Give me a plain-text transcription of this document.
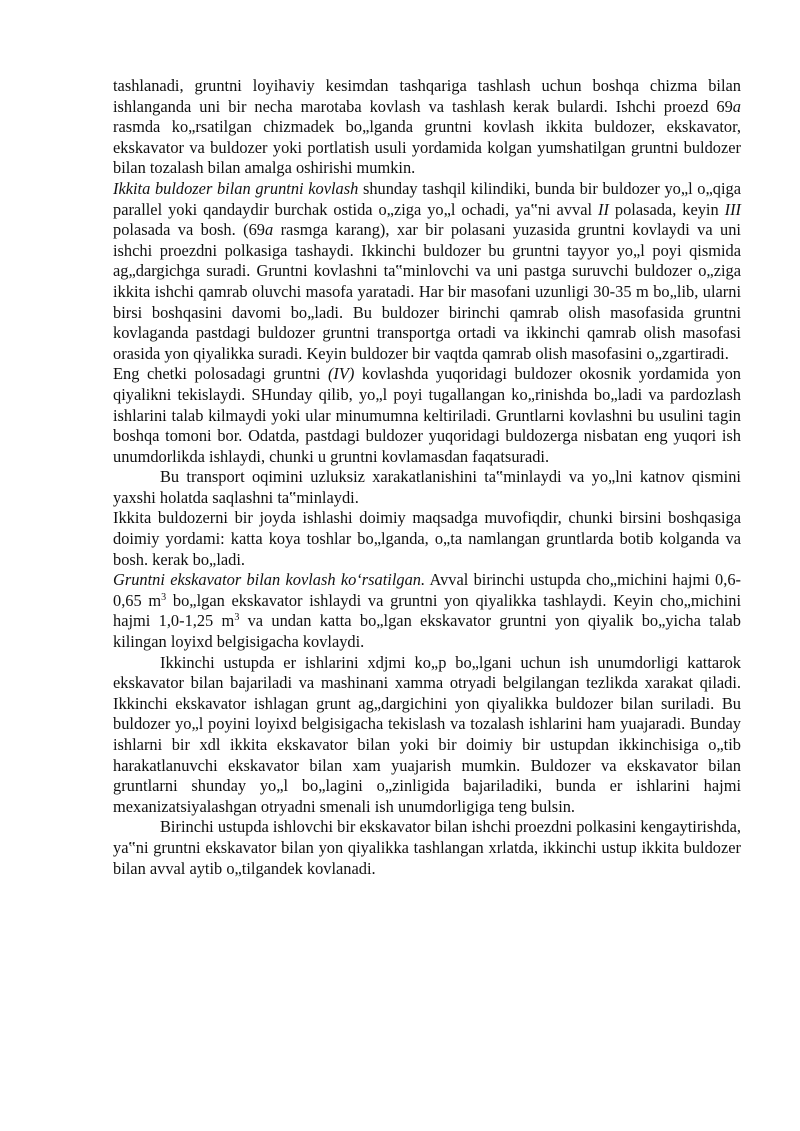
tashlanadi, gruntni loyihaviy kesimdan tashqariga tashlash uchun boshqa chizma bilan ishlanganda uni bir necha marotaba kovlash va tashlash kerak bulardi. Ishchi proezd 69a rasmda ko„rsatilgan chizmadek bo„lganda gruntni kovlash ikkita buldozer, ekskavator, ekskavator va buldozer yoki portlatish usuli yordamida kolgan yumshatilgan gruntni buldozer bilan tozalash bilan amalga oshirishi mumkin.

Ikkita buldozer bilan gruntni kovlash shunday tashqil kilindiki, bunda bir buldozer yo„l o„qiga parallel yoki qandaydir burchak ostida o„ziga yo„l ochadi, ya‟ni avval II polasada, keyin III polasada va bosh. (69a rasmga karang), xar bir polasani yuzasida gruntni kovlaydi va uni ishchi proezdni polkasiga tashaydi. Ikkinchi buldozer bu gruntni tayyor yo„l poyi qismida ag„dargichga suradi. Gruntni kovlashni ta‟minlovchi va uni pastga suruvchi buldozer o„ziga ikkita ishchi qamrab oluvchi masofa yaratadi. Har bir masofani uzunligi 30-35 m bo„lib, ularni birsi boshqasini davomi bo„ladi. Bu buldozer birinchi qamrab olish masofasida gruntni kovlaganda pastdagi buldozer gruntni transportga ortadi va ikkinchi qamrab olish masofasi orasida yon qiyalikka suradi. Keyin buldozer bir vaqtda qamrab olish masofasini o„zgartiradi.

Eng chetki polosadagi gruntni (IV) kovlashda yuqoridagi buldozer okosnik yordamida yon qiyalikni tekislaydi. SHunday qilib, yo„l poyi tugallangan ko„rinishda bo„ladi va pardozlash ishlarini talab kilmaydi yoki ular minumumna keltiriladi. Gruntlarni kovlashni bu usulini tagin boshqa tomoni bor. Odatda, pastdagi buldozer yuqoridagi buldozerga nisbatan eng yuqori ish unumdorlikda ishlaydi, chunki u gruntni kovlamasdan faqatsuradi.

Bu transport oqimini uzluksiz xarakatlanishini ta‟minlaydi va yo„lni katnov qismini yaxshi holatda saqlashni ta‟minlaydi.

Ikkita buldozerni bir joyda ishlashi doimiy maqsadga muvofiqdir, chunki birsini boshqasiga doimiy yordami: katta koya toshlar bo„lganda, o„ta namlangan gruntlarda botib kolganda va bosh. kerak bo„ladi.

Gruntni ekskavator bilan kovlash ko‘rsatilgan. Avval birinchi ustupda cho„michini hajmi 0,6-0,65 $m^3$ bo„lgan ekskavator ishlaydi va gruntni yon qiyalikka tashlaydi. Keyin cho„michini hajmi 1,0-1,25 $m^3$ va undan katta bo„lgan ekskavator gruntni yon qiyalik bo„yicha talab kilingan loyixd belgisigacha kovlaydi.

Ikkinchi ustupda er ishlarini xdjmi ko„p bo„lgani uchun ish unumdorligi kattarok ekskavator bilan bajariladi va mashinani xamma otryadi belgilangan tezlikda xarakat qiladi. Ikkinchi ekskavator ishlagan grunt ag„dargichini yon qiyalikka buldozer bilan suriladi. Bu buldozer yo„l poyini loyixd belgisigacha tekislash va tozalash ishlarini ham yuajaradi. Bunday ishlarni bir xdl ikkita ekskavator bilan yoki bir doimiy bir ustupdan ikkinchisiga o„tib harakatlanuvchi ekskavator bilan xam yuajarish mumkin. Buldozer va ekskavator bilan gruntlarni shunday yo„l bo„lagini o„zinligida bajariladiki, bunda er ishlarini hajmi mexanizatsiyalashgan otryadni smenali ish unumdorligiga teng bulsin.

Birinchi ustupda ishlovchi bir ekskavator bilan ishchi proezdni polkasini kengaytirishda, ya‟ni gruntni ekskavator bilan yon qiyalikka tashlangan xrlatda, ikkinchi ustup ikkita buldozer bilan avval aytib o„tilgandek kovlanadi.
